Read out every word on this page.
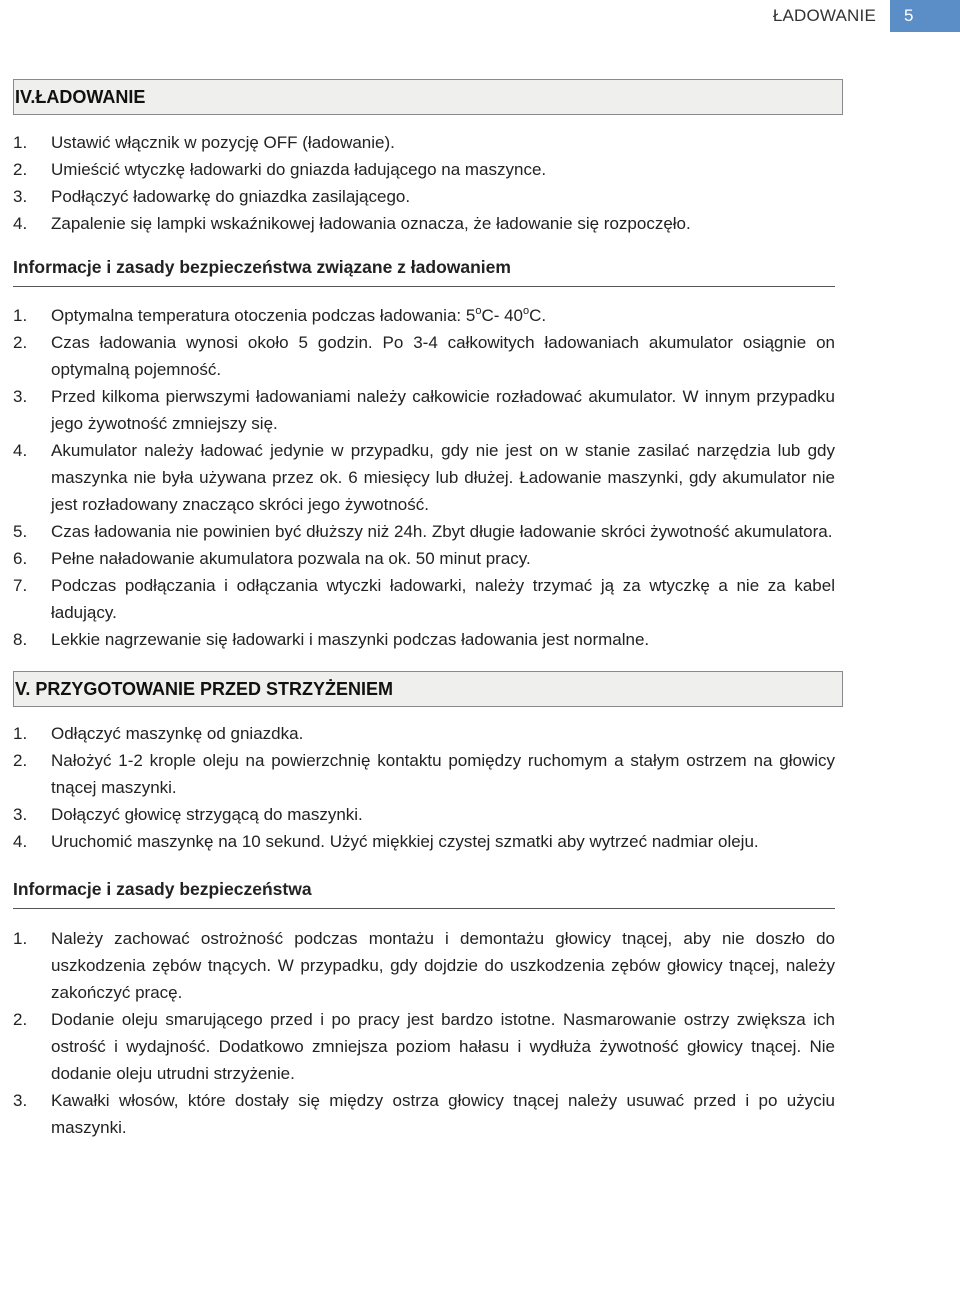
ŁADOWANIE	5
IV.ŁADOWANIE
1.	Ustawić włącznik w pozycję OFF (ładowanie).
2.	Umieścić wtyczkę ładowarki do gniazda ładującego na maszynce.
3.	Podłączyć ładowarkę do gniazdka zasilającego.
4.	Zapalenie się lampki wskaźnikowej ładowania oznacza, że ładowanie się rozpoczęło.
Informacje i zasady bezpieczeństwa związane z ładowaniem
1.	Optymalna temperatura otoczenia podczas ładowania: 5$^o$C- 40$^o$C.
2.	Czas ładowania wynosi około 5 godzin. Po 3-4 całkowitych ładowaniach akumulator osiągnie on optymalną pojemność.
3.	Przed kilkoma pierwszymi ładowaniami należy całkowicie rozładować akumulator. W innym przypadku jego żywotność zmniejszy się.
4.	Akumulator należy ładować jedynie w przypadku, gdy nie jest on w stanie zasilać narzędzia lub gdy maszynka nie była używana przez ok. 6 miesięcy lub dłużej. Ładowanie maszynki, gdy akumulator nie jest rozładowany znacząco skróci jego żywotność.
5.	Czas ładowania nie powinien być dłuższy niż 24h. Zbyt długie ładowanie skróci żywotność akumulatora.
6.	Pełne naładowanie akumulatora pozwala na ok. 50 minut pracy.
7.	Podczas podłączania i odłączania wtyczki ładowarki, należy trzymać ją za wtyczkę a nie za kabel ładujący.
8.	Lekkie nagrzewanie się ładowarki i maszynki podczas ładowania jest normalne.
V. PRZYGOTOWANIE PRZED STRZYŻENIEM
1.	Odłączyć maszynkę od gniazdka.
2.	Nałożyć 1-2 krople oleju na powierzchnię kontaktu pomiędzy ruchomym a stałym ostrzem na głowicy tnącej maszynki.
3.	Dołączyć głowicę strzygącą do maszynki.
4.	Uruchomić maszynkę na 10 sekund. Użyć miękkiej czystej szmatki aby wytrzeć nadmiar oleju.
Informacje i zasady bezpieczeństwa
1.	Należy zachować ostrożność podczas montażu i demontażu głowicy tnącej, aby nie doszło do uszkodzenia zębów tnących. W przypadku, gdy dojdzie do uszkodzenia zębów głowicy tnącej, należy zakończyć pracę.
2.	Dodanie oleju smarującego przed i po pracy jest bardzo istotne. Nasmarowanie ostrzy zwiększa ich ostrość i wydajność. Dodatkowo zmniejsza poziom hałasu i wydłuża żywotność głowicy tnącej. Nie dodanie oleju utrudni strzyżenie.
3.	Kawałki włosów, które dostały się między ostrza głowicy tnącej należy usuwać przed i po użyciu maszynki.
